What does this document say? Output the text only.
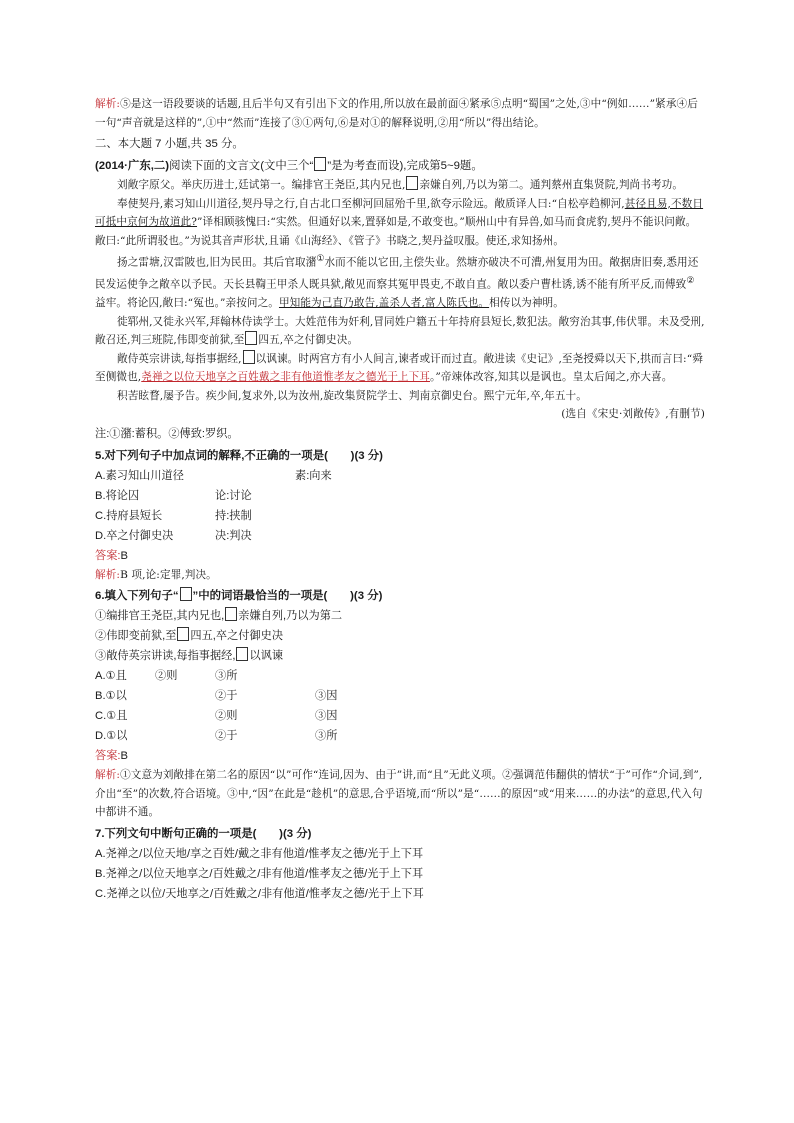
解析:⑤是这一语段要谈的话题,且后半句又有引出下文的作用,所以放在最前面④紧承⑤点明“蜀国”之处,③中“例如……”紧承④后一句“声音就是这样的”,①中“然而”连接了③①两句,⑥是对①的解释说明,②用“所以”得出结论。

二、本大题 7 小题,共 35 分。

(2014·广东,二)阅读下面的文言文(文中三个“ ”是为考查而设),完成第5~9题。

刘敞字原父。举庆历进士,廷试第一。编排官王尧臣,其内兄也, 亲嫌自列,乃以为第二。通判蔡州直集贤院,判尚书考功。

奉使契丹,素习知山川道径,契丹导之行,自古北口至柳河回屈殆千里,欲夸示险远。敞质译人曰:“自松亭趋柳河,甚径且易,不数日可抵中京何为故道此?”译相顾骇愧曰:“实然。但通好以来,置驿如是,不敢变也。”顺州山中有异兽,如马而食虎豹,契丹不能识问敞。敞曰:“此所谓驳也。”为说其音声形状,且诵《山海经》、《管子》书晓之,契丹益叹服。使还,求知扬州。

扬之雷塘,汉雷陂也,旧为民田。其后官取潴①水而不能以它田,主偿失业。然塘亦破决不可漕,州复用为田。敞据唐旧奏,悉用还民发运使争之敞卒以予民。天长县鞫王甲杀人既具狱,敞见而察其冤甲畏吏,不敢自直。敞以委户曹杜诱,诱不能有所平反,而傅致②益牢。将论囚,敞曰:“冤也。”亲按问之。甲知能为己直乃敢告,盖杀人者,富人陈氏也。相传以为神明。

徙郓州,又徙永兴军,拜翰林侍读学士。大姓范伟为奸利,冒同姓户籍五十年持府县短长,数犯法。敞穷治其事,伟伏罪。未及受刑,敞召还,判三班院,伟即变前狱,至 四五,卒之付御史决。

敞侍英宗讲读,每指事据经, 以讽谏。时两宫方有小人间言,谏者或讦而过直。敞进读《史记》,至尧授舜以天下,拱而言曰:“舜至侧微也,尧禅之以位天地享之百姓戴之非有他道惟孝友之德光于上下耳。”帝竦体改容,知其以是讽也。皇太后闻之,亦大喜。

积苦眩瞀,屡予告。疾少间,复求外,以为汝州,旋改集贤院学士、判南京御史台。熙宁元年,卒,年五十。

(选自《宋史·刘敞传》,有删节)

注:①潴:蓄积。②傅致:罗织。

5.对下列句子中加点词的解释,不正确的一项是(　　)(3 分)

A.素习知山川道径	素:向来

B.将论囚	论:讨论

C.持府县短长	持:挟制

D.卒之付御史决	决:判决

答案:B

解析:B 项,论:定罪,判决。

6.填入下列句子“ ”中的词语最恰当的一项是(　　)(3 分)

①编排官王尧臣,其内兄也, 亲嫌自列,乃以为第二

②伟即变前狱,至 四五,卒之付御史决

③敞侍英宗讲读,每指事据经, 以讽谏

A.①且	②则	③所

B.①以	②于	③因

C.①且	②则	③因

D.①以	②于	③所

答案:B

解析:①文意为刘敞排在第二名的原因“以”可作“连词,因为、由于”讲,而“且”无此义项。②强调范伟翻供的情状“于”可作“介词,到”,介出“至”的次数,符合语境。③中,“因”在此是“趁机”的意思,合乎语境,而“所以”是“……的原因”或“用来……的办法”的意思,代入句中都讲不通。

7.下列文句中断句正确的一项是(　　)(3 分)

A.尧禅之/以位天地/享之百姓/戴之非有他道/惟孝友之德/光于上下耳

B.尧禅之/以位天地享之/百姓戴之/非有他道/惟孝友之德/光于上下耳

C.尧禅之以位/天地享之/百姓戴之/非有他道/惟孝友之德/光于上下耳
